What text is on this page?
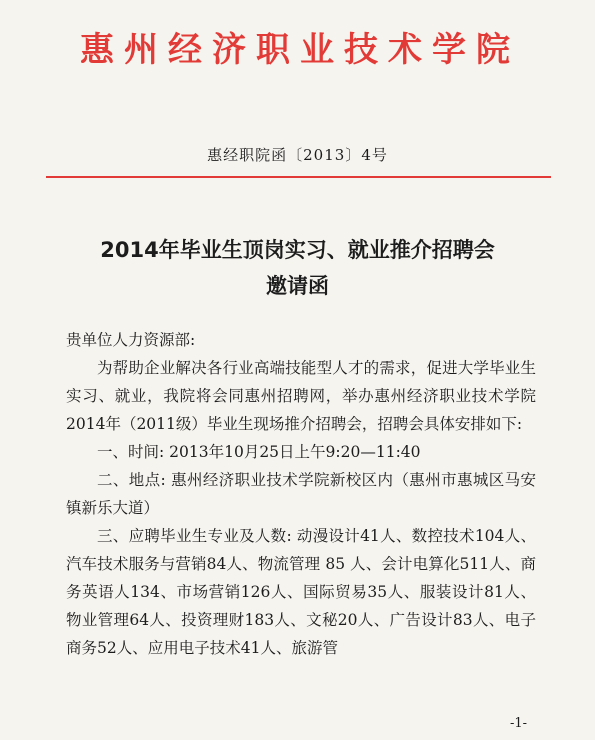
惠州经济职业技术学院
惠经职院函〔2013〕4号
2014年毕业生顶岗实习、就业推介招聘会
邀请函

贵单位人力资源部:

为帮助企业解决各行业高端技能型人才的需求，促进大学毕业生实习、就业，我院将会同惠州招聘网，举办惠州经济职业技术学院2014年（2011级）毕业生现场推介招聘会，招聘会具体安排如下:

一、时间: 2013年10月25日上午9:20—11:40

二、地点: 惠州经济职业技术学院新校区内（惠州市惠城区马安镇新乐大道）

三、应聘毕业生专业及人数: 动漫设计41人、数控技术104人、汽车技术服务与营销84人、物流管理 85 人、会计电算化511人、商务英语人134、市场营销126人、国际贸易35人、服装设计81人、物业管理64人、投资理财183人、文秘20人、广告设计83人、电子商务52人、应用电子技术41人、旅游管

-1-
